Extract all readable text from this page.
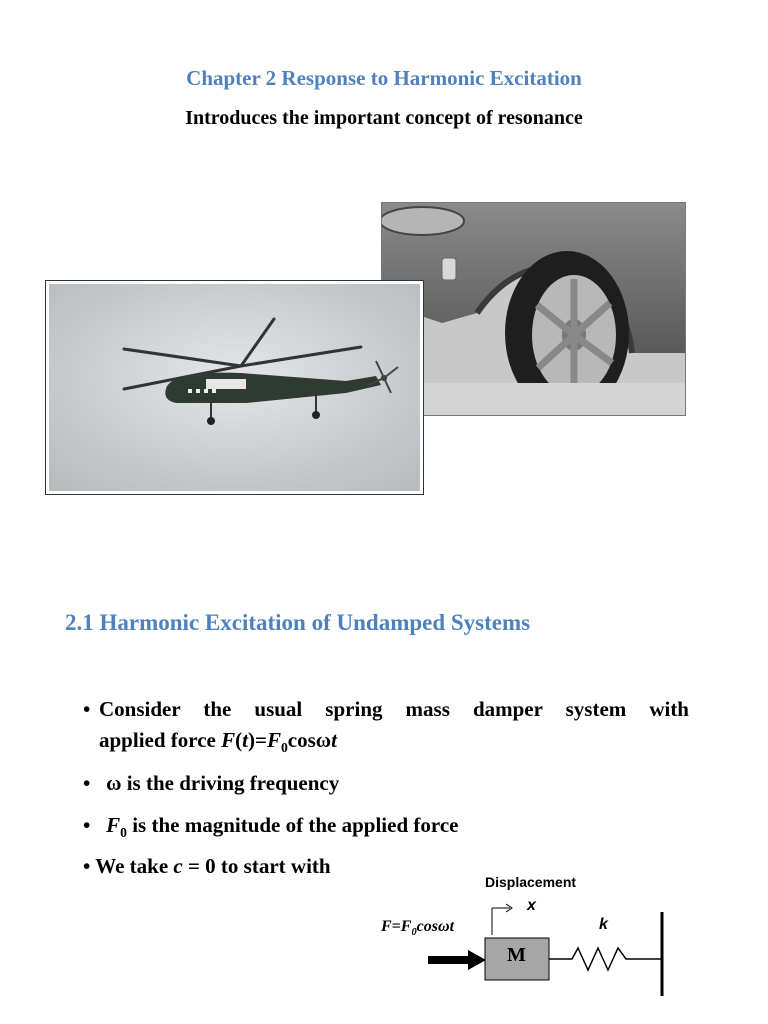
Chapter 2 Response to Harmonic Excitation
Introduces the important concept of resonance
2.1 Harmonic Excitation of Undamped Systems
• Consider the usual spring mass damper system with
applied force $F(t)=F_0\cos\omega t$
• ω is the driving frequency
• $F_0$ is the magnitude of the applied force
• We take c = 0 to start with
Displacement
x
$F=F_0\cos\omega t$	k
M
